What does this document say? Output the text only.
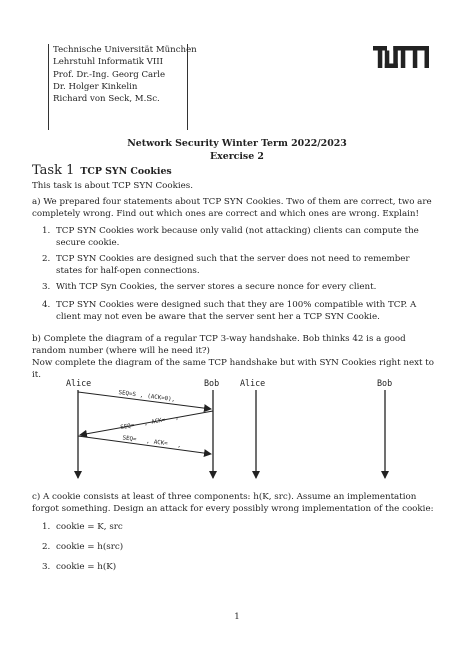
Technische Universität München
Lehrstuhl Informatik VIII
Prof. Dr.-Ing. Georg Carle
Dr. Holger Kinkelin
Richard von Seck, M.Sc.
Network Security Winter Term 2022/2023
Exercise 2
Task 1 TCP SYN Cookies
This task is about TCP SYN Cookies.
a) We prepared four statements about TCP SYN Cookies. Two of them are correct, two are completely wrong. Find out which ones are correct and which ones are wrong. Explain!
1. TCP SYN Cookies work because only valid (not attacking) clients can compute the secure cookie.
2. TCP SYN Cookies are designed such that the server does not need to remember states for half-open connections.
3. With TCP Syn Cookies, the server stores a secure nonce for every client.
4. TCP SYN Cookies were designed such that they are 100% compatible with TCP. A client may not even be aware that the server sent her a TCP SYN Cookie.
b) Complete the diagram of a regular TCP 3-way handshake. Bob thinks 42 is a good random number (where will he need it?)
Now complete the diagram of the same TCP handshake but with SYN Cookies right next to it.
Alice	Bob Alice	Bob
SEQ=S , (ACK=0),
SEQ= , ACK= ,
SEQ= , ACK= ,
c) A cookie consists at least of three components: h(K, src). Assume an implementation forgot something. Design an attack for every possibly wrong implementation of the cookie:
1. cookie = K, src
2. cookie = h(src)
3. cookie = h(K)
1
